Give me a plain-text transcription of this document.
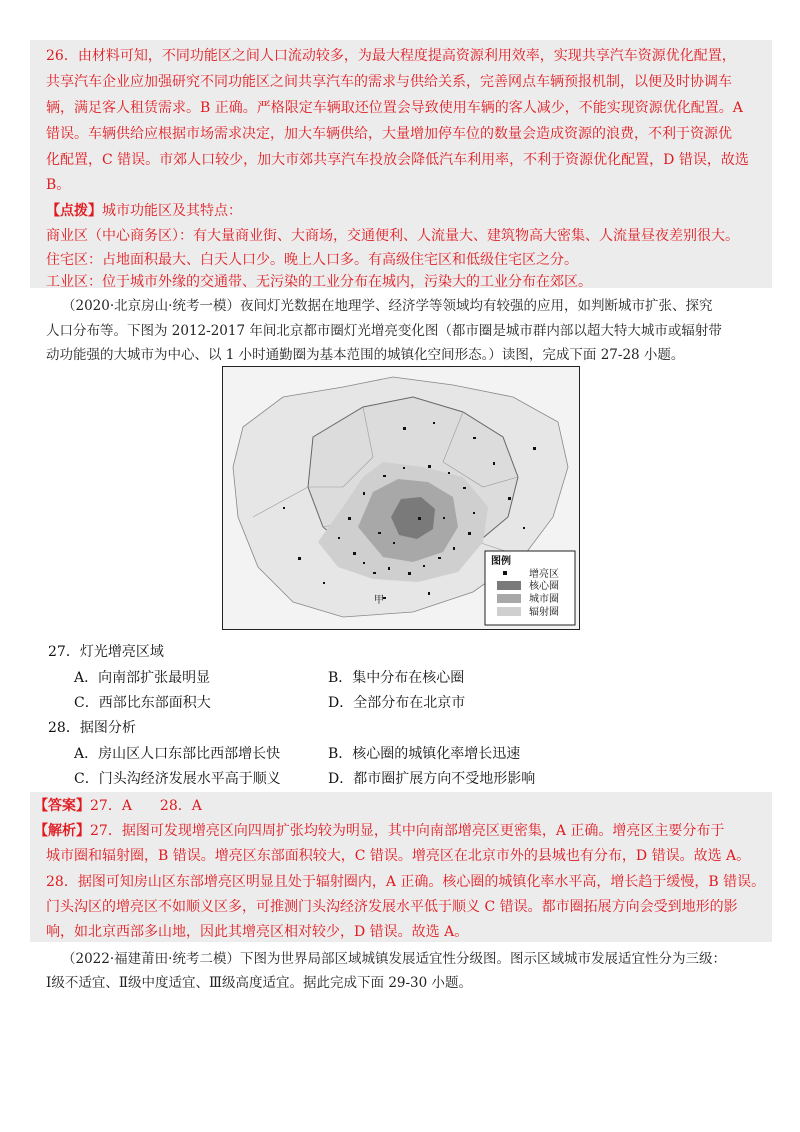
26．由材料可知，不同功能区之间人口流动较多，为最大程度提高资源利用效率，实现共享汽车资源优化配置，
共享汽车企业应加强研究不同功能区之间共享汽车的需求与供给关系，完善网点车辆预报机制，以便及时协调车
辆，满足客人租赁需求。B 正确。严格限定车辆取还位置会导致使用车辆的客人减少，不能实现资源优化配置。A
错误。车辆供给应根据市场需求决定，加大车辆供给，大量增加停车位的数量会造成资源的浪费，不利于资源优
化配置，C 错误。市郊人口较少，加大市郊共享汽车投放会降低汽车利用率，不利于资源优化配置，D 错误，故选
B。
【点拨】城市功能区及其特点：
商业区（中心商务区）：有大量商业街、大商场，交通便利、人流量大、建筑物高大密集、人流量昼夜差别很大。
住宅区：占地面积最大、白天人口少。晚上人口多。有高级住宅区和低级住宅区之分。
工业区：位于城市外缘的交通带、无污染的工业分布在城内，污染大的工业分布在郊区。
（2020·北京房山·统考一模）夜间灯光数据在地理学、经济学等领域均有较强的应用，如判断城市扩张、探究
人口分布等。下图为 2012-2017 年间北京都市圈灯光增亮变化图（都市圈是城市群内部以超大特大城市或辐射带
动功能强的大城市为中心、以 1 小时通勤圈为基本范围的城镇化空间形态。）读图，完成下面 27-28 小题。
甲
图例
增亮区
核心圈
城市圈
辐射圈
27．灯光增亮区域
A．向南部扩张最明显	B．集中分布在核心圈
C．西部比东部面积大	D．全部分布在北京市
28．据图分析
A．房山区人口东部比西部增长快	B．核心圈的城镇化率增长迅速
C．门头沟经济发展水平高于顺义	D．都市圈扩展方向不受地形影响
【答案】27．A　　28．A
【解析】27．据图可发现增亮区向四周扩张均较为明显，其中向南部增亮区更密集，A 正确。增亮区主要分布于
城市圈和辐射圈，B 错误。增亮区东部面积较大，C 错误。增亮区在北京市外的县城也有分布，D 错误。故选 A。
28．据图可知房山区东部增亮区明显且处于辐射圈内，A 正确。核心圈的城镇化率水平高，增长趋于缓慢，B 错误。
门头沟区的增亮区不如顺义区多，可推测门头沟经济发展水平低于顺义 C 错误。都市圈拓展方向会受到地形的影
响，如北京西部多山地，因此其增亮区相对较少，D 错误。故选 A。
（2022·福建莆田·统考二模）下图为世界局部区域城镇发展适宜性分级图。图示区域城市发展适宜性分为三级：
Ⅰ级不适宜、Ⅱ级中度适宜、Ⅲ级高度适宜。据此完成下面 29-30 小题。
